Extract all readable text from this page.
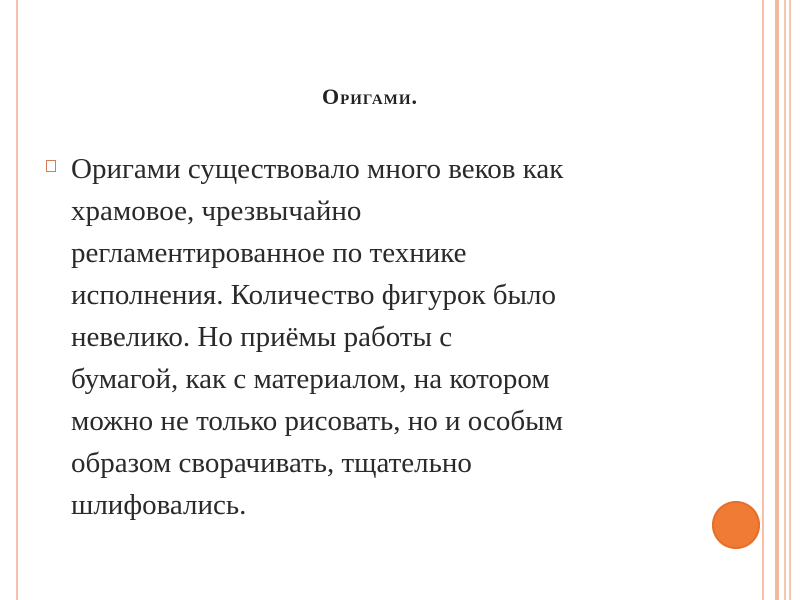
Оригами.

Оригами существовало много веков как
храмовое, чрезвычайно
регламентированное по технике
исполнения. Количество фигурок было
невелико. Но приёмы работы с
бумагой, как с материалом, на котором
можно не только рисовать, но и особым
образом сворачивать, тщательно
шлифовались.
